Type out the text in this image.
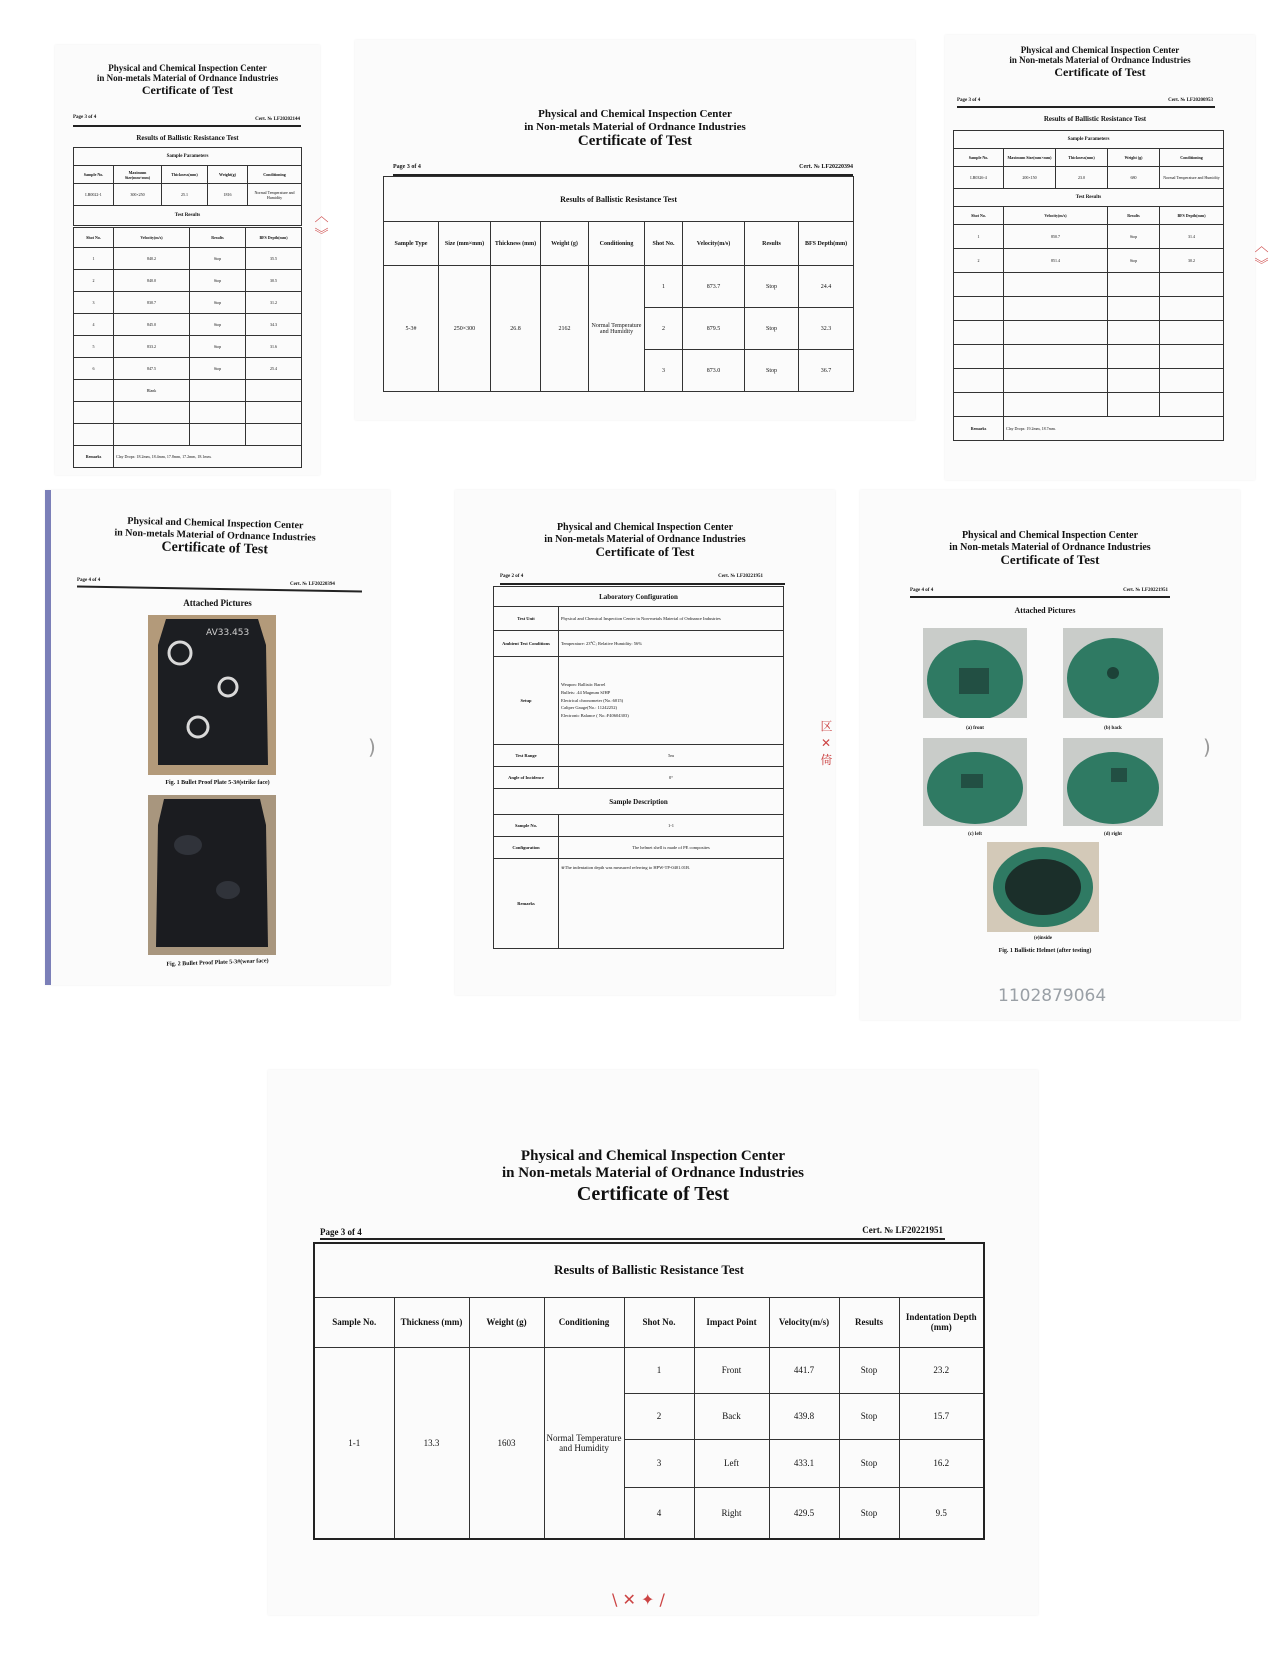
Physical and Chemical Inspection Center
in Non-metals Material of Ordnance Industries
Certificate of Test
Page 3 of 4	Cert. № LF20202144
Results of Ballistic Resistance Test
Sample Parameters				
Sample No.	Maximum Size(mm×mm)	Thickness(mm)	Weight(g)	Conditioning
LR0022-1	300×250	25.1	1816	Normal Temperature and Humidity
Test Results				
Shot No.	Velocity(m/s)	Results	BFS Depth(mm)
1	840.2	Stop	35.5
2	840.0	Stop	30.5
3	830.7	Stop	31.2
4	845.0	Stop	34.3
5	833.2	Stop	31.6
6	847.5	Stop	25.4
	Blank		

Remarks	Clay Drops: 18.2mm, 18.4mm, 17.8mm, 17.2mm, 18.1mm.		
〈 》
Physical and Chemical Inspection Center
in Non-metals Material of Ordnance Industries
Certificate of Test
Page 3 of 4	Cert. № LF20220394
Results of Ballistic Resistance Test								
Sample Type	Size (mm×mm)	Thickness (mm)	Weight (g)	Conditioning	Shot No.	Velocity(m/s)	Results	BFS Depth(mm)
5-3#	250×300	26.8	2162	Normal Temperature and Humidity	1	873.7	Stop	24.4
					2	879.5	Stop	32.3
					3	873.0	Stop	36.7
Physical and Chemical Inspection Center
in Non-metals Material of Ordnance Industries
Certificate of Test
Page 3 of 4	Cert. № LF20200953
Results of Ballistic Resistance Test
Sample Parameters				
Sample No.	Maximum Size(mm×mm)	Thickness(mm)	Weight (g)	Conditioning
LR0326-4	200×150	23.0	680	Normal Temperature and Humidity
Test Results				
Shot No.	Velocity(m/s)	Results	BFS Depth(mm)
1	850.7	Stop	31.4
2	851.4	Stop	30.2

Remarks	Clay Drops: 19.2mm, 18.7mm.		
〈 》
Physical and Chemical Inspection Center
in Non-metals Material of Ordnance Industries
Certificate of Test
Page 4 of 4
Cert. № LF20220394
Attached Pictures
AV33.453
Fig. 1 Bullet Proof Plate 5-3#(strike face)
Fig. 2 Bullet Proof Plate 5-3#(wear face)
)
Physical and Chemical Inspection Center
in Non-metals Material of Ordnance Industries
Certificate of Test
Page 2 of 4	Cert. № LF20221951
Laboratory Configuration	
Test Unit	Physical and Chemical Inspection Center in Non-metals Material of Ordnance Industries
Ambient Test Conditions	Temperature: 23℃; Relative Humidity: 56%
Setup	Weapon: Ballistic Barrel
Bullets: .44 Magnum SJHP
Electrical chronometer (No.:6015)
Caliper Gauge(No.: 11242252)
Electronic Balance ( No.:F40604303)

Test Range	5m
Angle of Incidence	0°
Sample Description	
Sample No.	1-1
Configuration	The helmet shell is made of PE composites
Remarks	※The indentation depth was measured referring to HPW-TP-0401.01B.
区 ✕ 倚
Physical and Chemical Inspection Center
in Non-metals Material of Ordnance Industries
Certificate of Test
Page 4 of 4	Cert. № LF20221951
Attached Pictures
(a) front	(b) back
(c) left	(d) right
(e)inside
Fig. 1 Ballistic Helmet (after testing)
1102879064
)
Physical and Chemical Inspection Center
in Non-metals Material of Ordnance Industries
Certificate of Test
Page 3 of 4	Cert. № LF20221951
Results of Ballistic Resistance Test								
Sample No.	Thickness (mm)	Weight (g)	Conditioning	Shot No.	Impact Point	Velocity(m/s)	Results	Indentation Depth (mm)
1-1	13.3	1603	Normal Temperature and Humidity	1	Front	441.7	Stop	23.2
				2	Back	439.8	Stop	15.7
				3	Left	433.1	Stop	16.2
				4	Right	429.5	Stop	9.5
\ ✕ ✦ /
